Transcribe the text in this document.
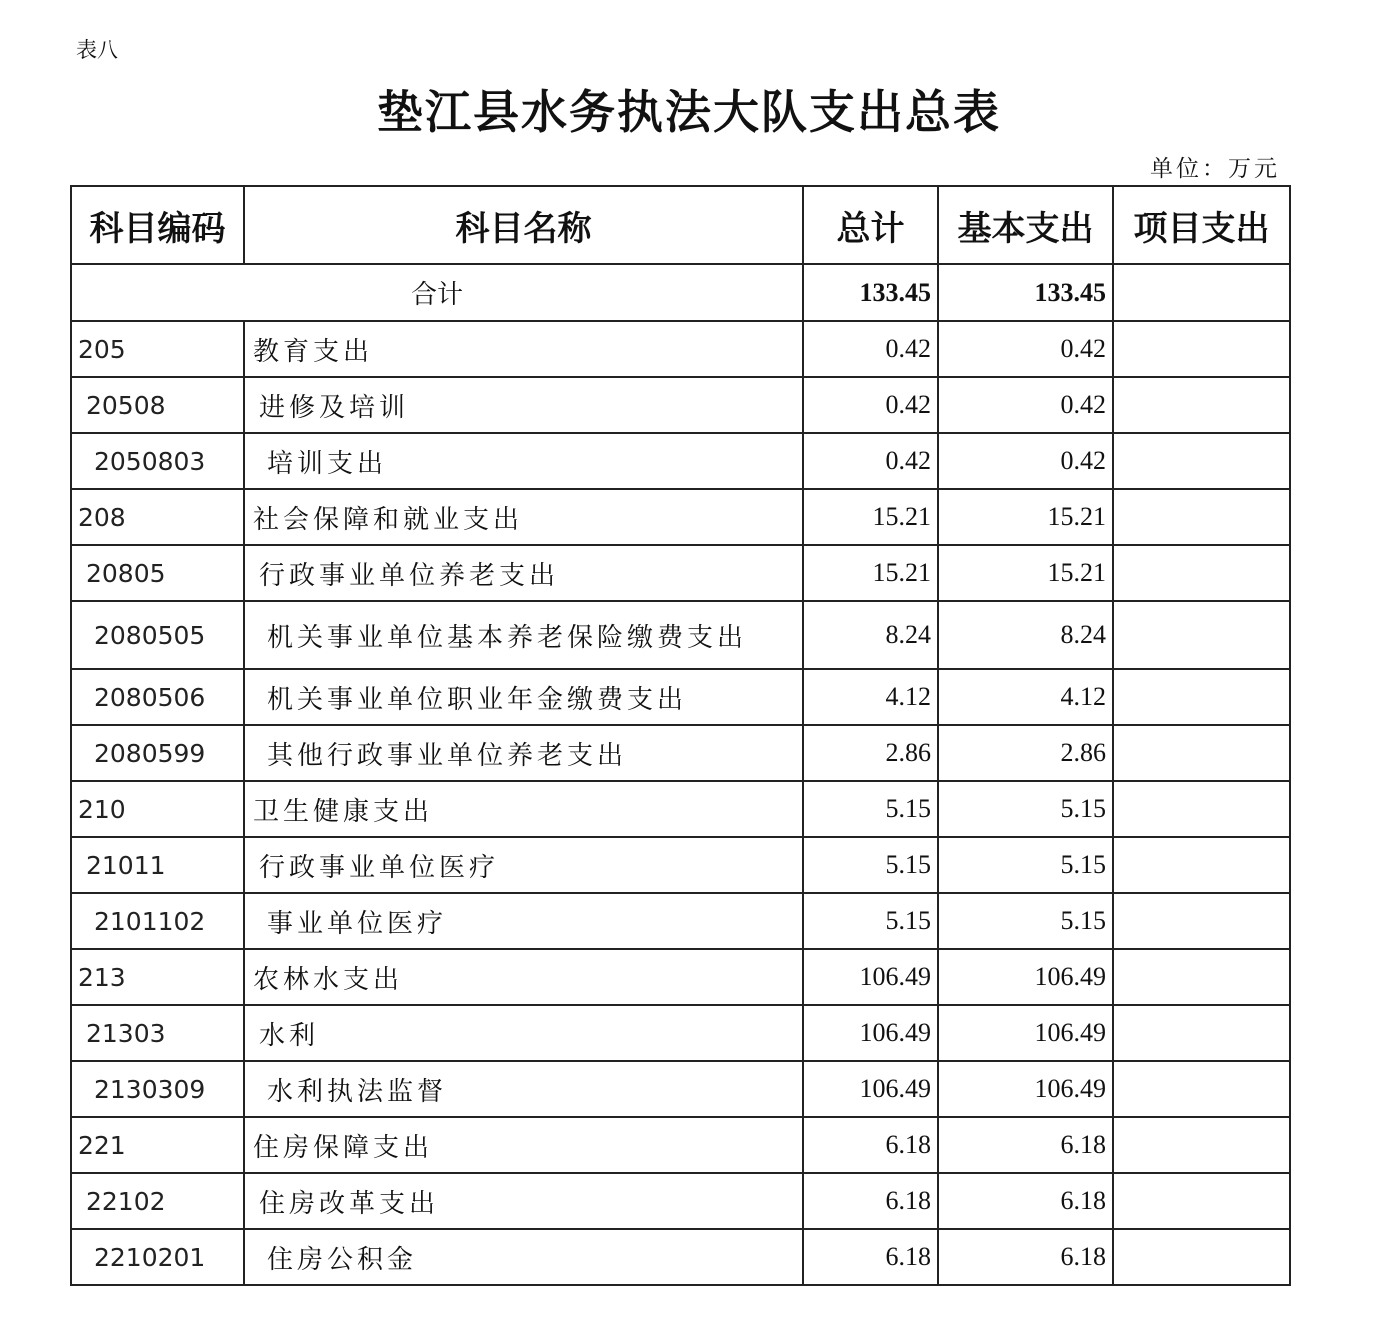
表八
垫江县水务执法大队支出总表
单位：万元
科目编码	科目名称	总计	基本支出	项目支出
合计		133.45	133.45	
205	教育支出	0.42	0.42	
20508	进修及培训	0.42	0.42	
2050803	培训支出	0.42	0.42	
208	社会保障和就业支出	15.21	15.21	
20805	行政事业单位养老支出	15.21	15.21	
2080505	机关事业单位基本养老保险缴费支出	8.24	8.24	
2080506	机关事业单位职业年金缴费支出	4.12	4.12	
2080599	其他行政事业单位养老支出	2.86	2.86	
210	卫生健康支出	5.15	5.15	
21011	行政事业单位医疗	5.15	5.15	
2101102	事业单位医疗	5.15	5.15	
213	农林水支出	106.49	106.49	
21303	水利	106.49	106.49	
2130309	水利执法监督	106.49	106.49	
221	住房保障支出	6.18	6.18	
22102	住房改革支出	6.18	6.18	
2210201	住房公积金	6.18	6.18	
